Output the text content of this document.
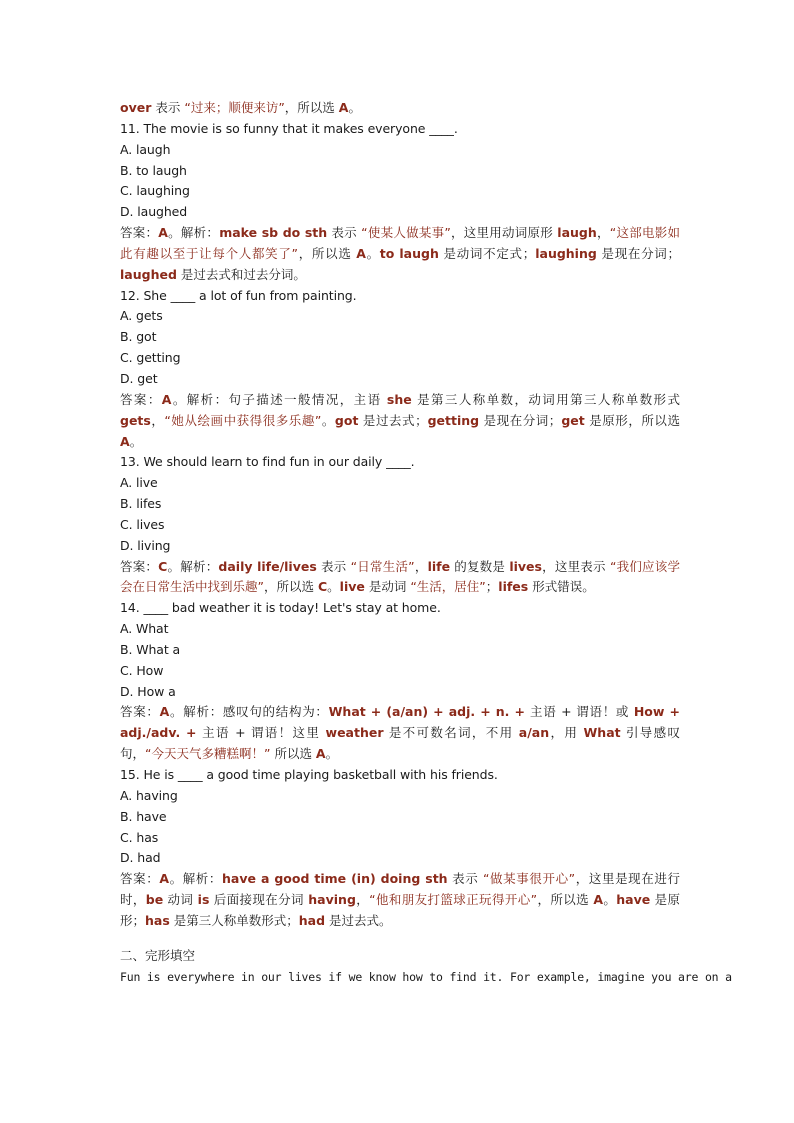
over 表示 “过来；顺便来访”，所以选 A。
11. The movie is so funny that it makes everyone ____.
A. laugh
B. to laugh
C. laughing
D. laughed
答案：A。解析：make sb do sth 表示 “使某人做某事”，这里用动词原形 laugh，“这部电影如此有趣以至于让每个人都笑了”，所以选 A。to laugh 是动词不定式；laughing 是现在分词；laughed 是过去式和过去分词。
12. She ____ a lot of fun from painting.
A. gets
B. got
C. getting
D. get
答案：A。解析：句子描述一般情况，主语 she 是第三人称单数，动词用第三人称单数形式 gets，“她从绘画中获得很多乐趣”。got 是过去式；getting 是现在分词；get 是原形，所以选 A。
13. We should learn to find fun in our daily ____.
A. live
B. lifes
C. lives
D. living
答案：C。解析：daily life/lives 表示 “日常生活”，life 的复数是 lives，这里表示 “我们应该学会在日常生活中找到乐趣”，所以选 C。live 是动词 “生活，居住”；lifes 形式错误。
14. ____ bad weather it is today! Let's stay at home.
A. What
B. What a
C. How
D. How a
答案：A。解析：感叹句的结构为：What + (a/an) + adj. + n. + 主语 + 谓语！或 How + adj./adv. + 主语 + 谓语！这里 weather 是不可数名词，不用 a/an，用 What 引导感叹句，“今天天气多糟糕啊！” 所以选 A。
15. He is ____ a good time playing basketball with his friends.
A. having
B. have
C. has
D. had
答案：A。解析：have a good time (in) doing sth 表示 “做某事很开心”，这里是现在进行时，be 动词 is 后面接现在分词 having，“他和朋友打篮球正玩得开心”，所以选 A。have 是原形；has 是第三人称单数形式；had 是过去式。
二、完形填空
Fun is everywhere in our lives if we know how to find it. For example, imagine you are on a
